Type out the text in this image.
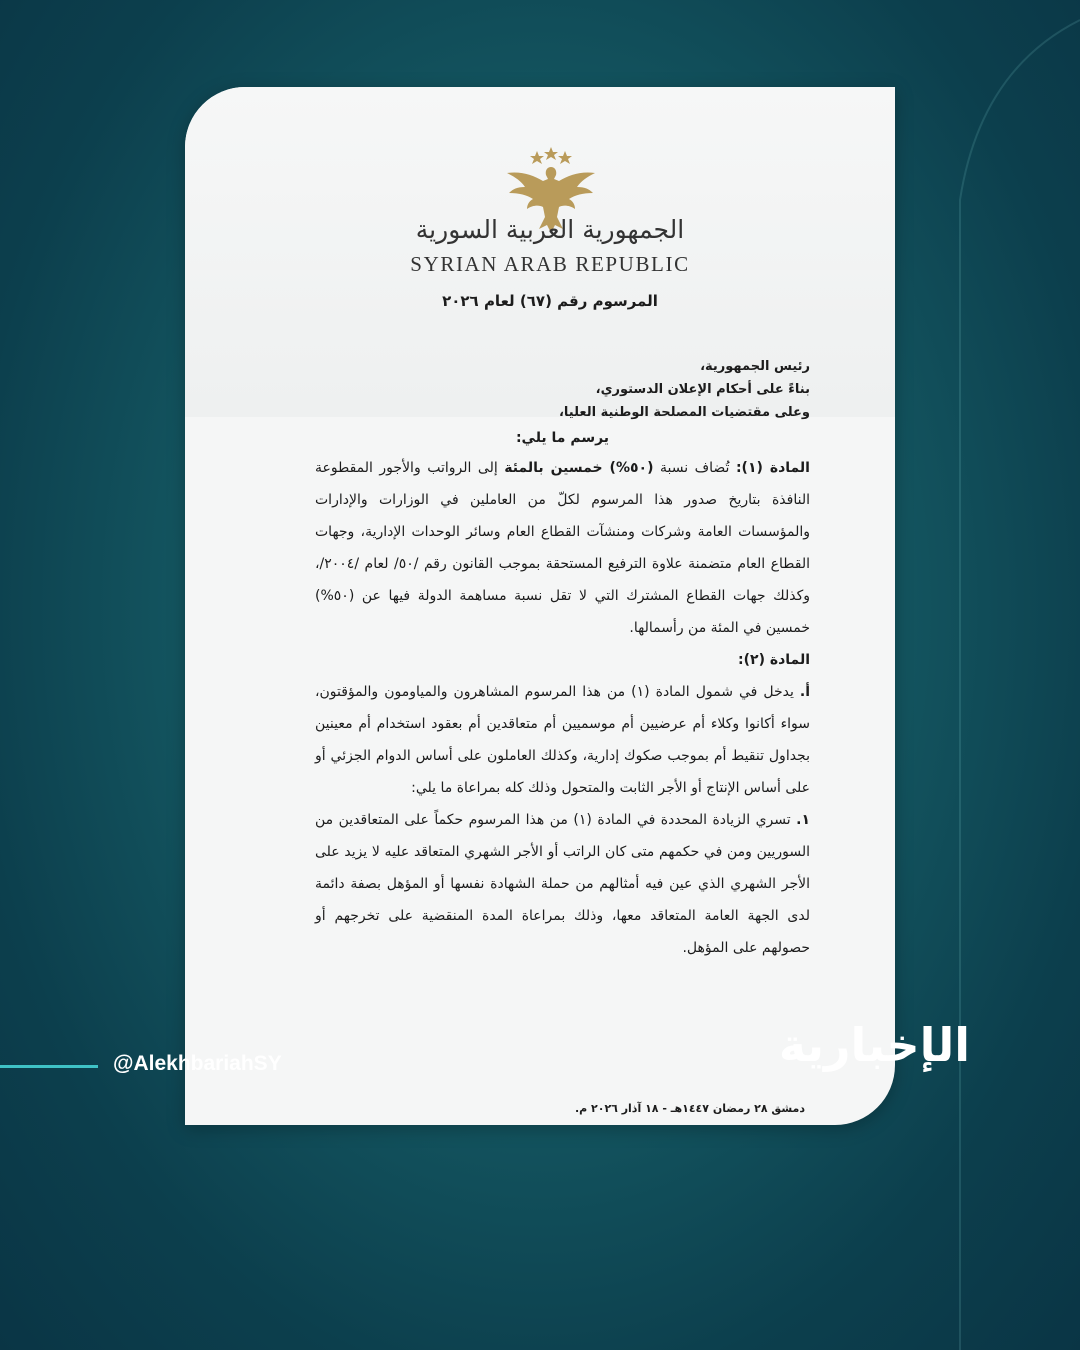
الجمهورية العربية السورية
SYRIAN ARAB REPUBLIC
المرسوم رقم (٦٧) لعام ٢٠٢٦

رئيس الجمهورية،

بناءً على أحكام الإعلان الدستوري،

وعلى مقتضيات المصلحة الوطنية العليا،

يرسم ما يلي:

المادة (١): تُضاف نسبة (٥٠%) خمسين بالمئة إلى الرواتب والأجور المقطوعة النافذة بتاريخ صدور هذا المرسوم لكلّ من العاملين في الوزارات والإدارات والمؤسسات العامة وشركات ومنشآت القطاع العام وسائر الوحدات الإدارية، وجهات القطاع العام متضمنة علاوة الترفيع المستحقة بموجب القانون رقم /٥٠/ لعام /٢٠٠٤/، وكذلك جهات القطاع المشترك التي لا تقل نسبة مساهمة الدولة فيها عن (٥٠%) خمسين في المئة من رأسمالها.

المادة (٢):

أ. يدخل في شمول المادة (١) من هذا المرسوم المشاهرون والمياومون والمؤقتون، سواء أكانوا وكلاء أم عرضيين أم موسميين أم متعاقدين أم بعقود استخدام أم معينين بجداول تنقيط أم بموجب صكوك إدارية، وكذلك العاملون على أساس الدوام الجزئي أو على أساس الإنتاج أو الأجر الثابت والمتحول وذلك كله بمراعاة ما يلي:

١. تسري الزيادة المحددة في المادة (١) من هذا المرسوم حكماً على المتعاقدين من السوريين ومن في حكمهم متى كان الراتب أو الأجر الشهري المتعاقد عليه لا يزيد على الأجر الشهري الذي عين فيه أمثالهم من حملة الشهادة نفسها أو المؤهل بصفة دائمة لدى الجهة العامة المتعاقد معها، وذلك بمراعاة المدة المنقضية على تخرجهم أو حصولهم على المؤهل.

دمشق ٢٨ رمضان ١٤٤٧هـ - ١٨ آذار ٢٠٢٦ م.
@AlekhbariahSY	الإخبارية
